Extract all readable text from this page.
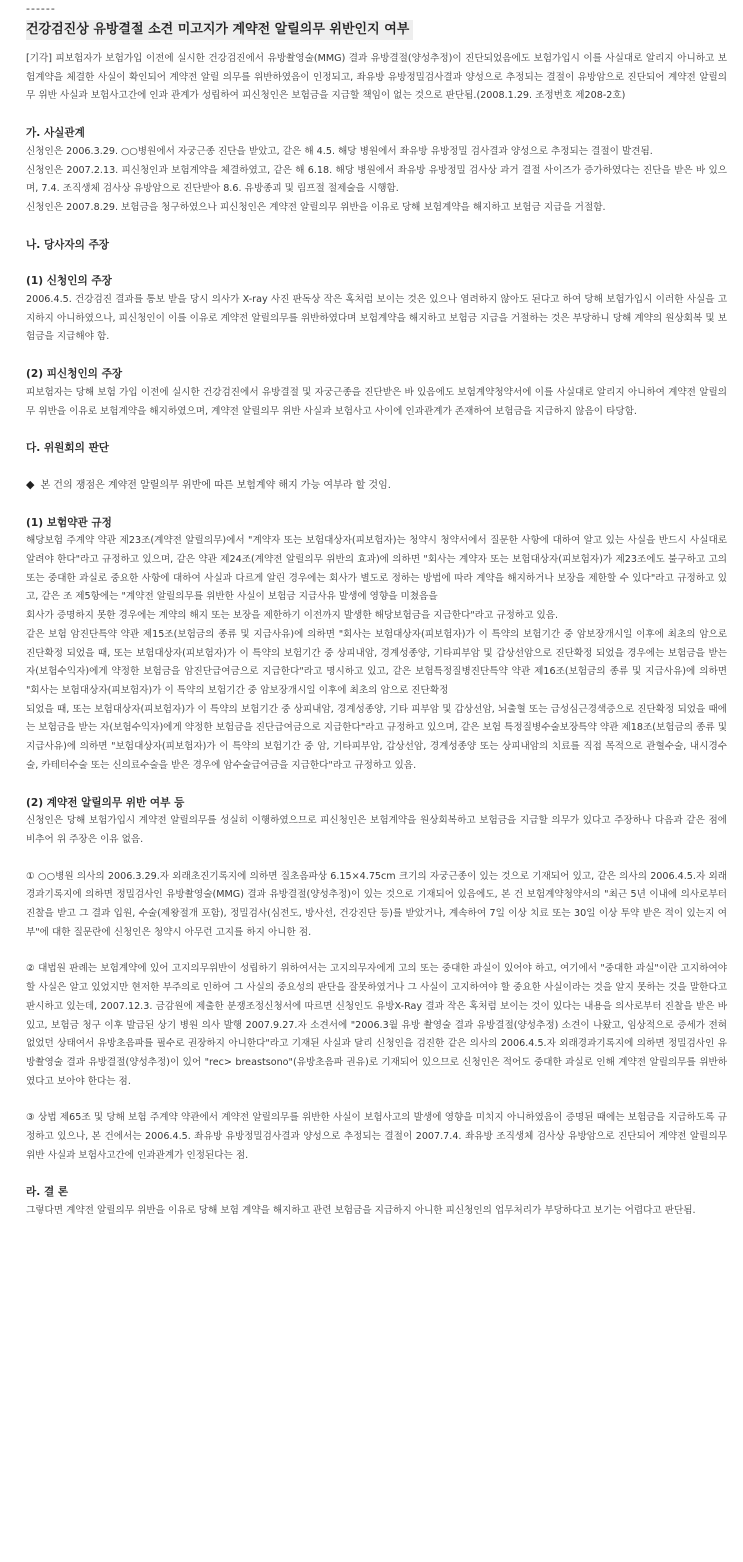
------
건강검진상 유방결절 소견 미고지가 계약전 알릴의무 위반인지 여부

[기각] 피보험자가 보험가입 이전에 실시한 건강검진에서 유방촬영술(MMG) 결과 유방결절(양성추정)이 진단되었음에도 보험가입시 이를 사실대로 알리지 아니하고 보험계약을 체결한 사실이 확인되어 계약전 알릴 의무를 위반하였음이 인정되고, 좌유방 유방정밀검사결과 양성으로 추정되는 결절이 유방암으로 진단되어 계약전 알릴의무 위반 사실과 보험사고간에 인과 관계가 성립하여 피신청인은 보험금을 지급할 책임이 없는 것으로 판단됨.(2008.1.29. 조정번호 제208-2호)

가. 사실관계

신청인은 2006.3.29. ○○병원에서 자궁근종 진단을 받았고, 같은 해 4.5. 해당 병원에서 좌유방 유방정밀 검사결과 양성으로 추정되는 결절이 발견됨.

신청인은 2007.2.13. 피신청인과 보험계약을 체결하였고, 같은 해 6.18. 해당 병원에서 좌유방 유방정밀 검사상 과거 결절 사이즈가 증가하였다는 진단을 받은 바 있으며, 7.4. 조직생체 검사상 유방암으로 진단받아 8.6. 유방종괴 및 림프절 절제술을 시행함.

신청인은 2007.8.29. 보험금을 청구하였으나 피신청인은 계약전 알릴의무 위반을 이유로 당해 보험계약을 해지하고 보험금 지급을 거절함.

나. 당사자의 주장

(1) 신청인의 주장

2006.4.5. 건강검진 결과를 통보 받을 당시 의사가 X-ray 사진 판독상 작은 혹처럼 보이는 것은 있으나 염려하지 않아도 된다고 하여 당해 보험가입시 이러한 사실을 고지하지 아니하였으나, 피신청인이 이를 이유로 계약전 알릴의무를 위반하였다며 보험계약을 해지하고 보험금 지급을 거절하는 것은 부당하니 당해 계약의 원상회복 및 보험금을 지급해야 함.

(2) 피신청인의 주장

피보험자는 당해 보험 가입 이전에 실시한 건강검진에서 유방결절 및 자궁근종을 진단받은 바 있음에도 보험계약청약서에 이를 사실대로 알리지 아니하여 계약전 알릴의무 위반을 이유로 보험계약을 해지하였으며, 계약전 알릴의무 위반 사실과 보험사고 사이에 인과관계가 존재하여 보험금을 지급하지 않음이 타당함.

다. 위원회의 판단

◆ 본 건의 쟁점은 계약전 알릴의무 위반에 따른 보험계약 해지 가능 여부라 할 것임.

(1) 보험약관 규정

해당보험 주계약 약관 제23조(계약전 알릴의무)에서 "계약자 또는 보험대상자(피보험자)는 청약시 청약서에서 질문한 사항에 대하여 알고 있는 사실을 반드시 사실대로 알려야 한다"라고 규정하고 있으며, 같은 약관 제24조(계약전 알릴의무 위반의 효과)에 의하면 "회사는 계약자 또는 보험대상자(피보험자)가 제23조에도 불구하고 고의 또는 중대한 과실로 중요한 사항에 대하여 사실과 다르게 알린 경우에는 회사가 별도로 정하는 방법에 따라 계약을 해지하거나 보장을 제한할 수 있다"라고 규정하고 있고, 같은 조 제5항에는 "계약전 알릴의무를 위반한 사실이 보험금 지급사유 발생에 영향을 미쳤음을

회사가 증명하지 못한 경우에는 계약의 해지 또는 보장을 제한하기 이전까지 발생한 해당보험금을 지급한다"라고 규정하고 있음.

같은 보험 암진단특약 약관 제15조(보험금의 종류 및 지급사유)에 의하면 "회사는 보험대상자(피보험자)가 이 특약의 보험기간 중 암보장개시일 이후에 최초의 암으로 진단확정 되었을 때, 또는 보험대상자(피보험자)가 이 특약의 보험기간 중 상피내암, 경계성종양, 기타피부암 및 갑상선암으로 진단확정 되었을 경우에는 보험금을 받는 자(보험수익자)에게 약정한 보험금을 암진단급여금으로 지급한다"라고 명시하고 있고, 같은 보험특정질병진단특약 약관 제16조(보험금의 종류 및 지급사유)에 의하면 "회사는 보험대상자(피보험자)가 이 특약의 보험기간 중 암보장개시일 이후에 최초의 암으로 진단확정

되었을 때, 또는 보험대상자(피보험자)가 이 특약의 보험기간 중 상피내암, 경계성종양, 기타 피부암 및 갑상선암, 뇌출혈 또는 급성심근경색증으로 진단확정 되었을 때에는 보험금을 받는 자(보험수익자)에게 약정한 보험금을 진단급여금으로 지급한다"라고 규정하고 있으며, 같은 보험 특정질병수술보장특약 약관 제18조(보험금의 종류 및 지급사유)에 의하면 "보험대상자(피보험자)가 이 특약의 보험기간 중 암, 기타피부암, 갑상선암, 경계성종양 또는 상피내암의 치료를 직접 목적으로 관혈수술, 내시경수술, 카테터수술 또는 신의료수술을 받은 경우에 암수술급여금을 지급한다"라고 규정하고 있음.

(2) 계약전 알릴의무 위반 여부 등

신청인은 당해 보험가입시 계약전 알릴의무를 성실히 이행하였으므로 피신청인은 보험계약을 원상회복하고 보험금을 지급할 의무가 있다고 주장하나 다음과 같은 점에 비추어 위 주장은 이유 없음.

① ○○병원 의사의 2006.3.29.자 외래초진기록지에 의하면 질초음파상 6.15×4.75cm 크기의 자궁근종이 있는 것으로 기재되어 있고, 같은 의사의 2006.4.5.자 외래경과기록지에 의하면 정밀검사인 유방촬영술(MMG) 결과 유방결절(양성추정)이 있는 것으로 기재되어 있음에도, 본 건 보험계약청약서의 "최근 5년 이내에 의사로부터 진찰을 받고 그 결과 입원, 수술(제왕절개 포함), 정밀검사(심전도, 방사선, 건강진단 등)를 받았거나, 계속하여 7일 이상 치료 또는 30일 이상 투약 받은 적이 있는지 여부"에 대한 질문란에 신청인은 청약시 아무런 고지를 하지 아니한 점.

② 대법원 판례는 보험계약에 있어 고지의무위반이 성립하기 위하여서는 고지의무자에게 고의 또는 중대한 과실이 있어야 하고, 여기에서 "중대한 과실"이란 고지하여야 할 사실은 알고 있었지만 현저한 부주의로 인하여 그 사실의 중요성의 판단을 잘못하였거나 그 사실이 고지하여야 할 중요한 사실이라는 것을 알지 못하는 것을 말한다고 판시하고 있는데, 2007.12.3. 금감원에 제출한 분쟁조정신청서에 따르면 신청인도 유방X-Ray 결과 작은 혹처럼 보이는 것이 있다는 내용을 의사로부터 진찰을 받은 바 있고, 보험금 청구 이후 발급된 상기 병원 의사 발행 2007.9.27.자 소견서에 "2006.3월 유방 촬영술 결과 유방결절(양성추정) 소견이 나왔고, 임상적으로 증세가 전혀 없었던 상태여서 유방초음파를 필수로 권장하지 아니한다"라고 기재된 사실과 달리 신청인을 검진한 같은 의사의 2006.4.5.자 외래경과기록지에 의하면 정밀검사인 유방촬영술 결과 유방결절(양성추정)이 있어 "rec> breastsono"(유방초음파 권유)로 기재되어 있으므로 신청인은 적어도 중대한 과실로 인해 계약전 알릴의무를 위반하였다고 보아야 한다는 점.

③ 상법 제65조 및 당해 보험 주계약 약관에서 계약전 알릴의무를 위반한 사실이 보험사고의 발생에 영향을 미치지 아니하였음이 증명된 때에는 보험금을 지급하도록 규정하고 있으나, 본 건에서는 2006.4.5. 좌유방 유방정밀검사결과 양성으로 추정되는 결절이 2007.7.4. 좌유방 조직생체 검사상 유방암으로 진단되어 계약전 알릴의무 위반 사실과 보험사고간에 인과관계가 인정된다는 점.

라. 결 론

그렇다면 계약전 알릴의무 위반을 이유로 당해 보험 계약을 해지하고 관련 보험금을 지급하지 아니한 피신청인의 업무처리가 부당하다고 보기는 어렵다고 판단됨.
